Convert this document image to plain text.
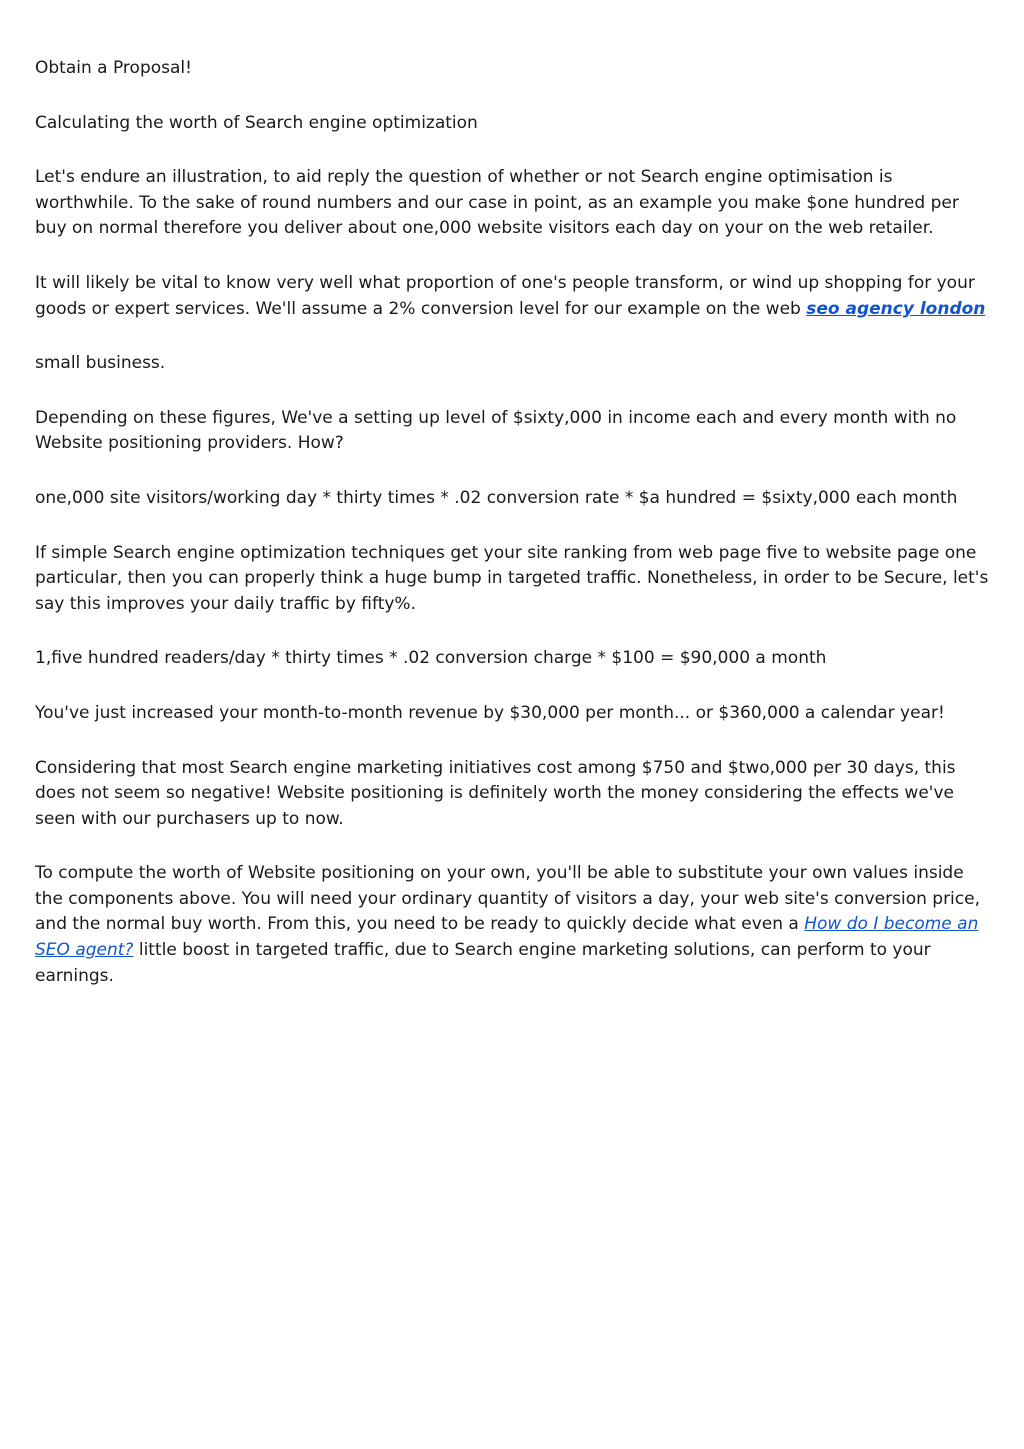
Obtain a Proposal!

Calculating the worth of Search engine optimization

Let's endure an illustration, to aid reply the question of whether or not Search engine optimisation is worthwhile. To the sake of round numbers and our case in point, as an example you make $one hundred per buy on normal therefore you deliver about one,000 website visitors each day on your on the web retailer.

It will likely be vital to know very well what proportion of one's people transform, or wind up shopping for your goods or expert services. We'll assume a 2% conversion level for our example on the web seo agency london

small business.

Depending on these figures, We've a setting up level of $sixty,000 in income each and every month with no Website positioning providers. How?

one,000 site visitors/working day * thirty times * .02 conversion rate * $a hundred = $sixty,000 each month

If simple Search engine optimization techniques get your site ranking from web page five to website page one particular, then you can properly think a huge bump in targeted traffic. Nonetheless, in order to be Secure, let's say this improves your daily traffic by fifty%.

1,five hundred readers/day * thirty times * .02 conversion charge * $100 = $90,000 a month

You've just increased your month-to-month revenue by $30,000 per month... or $360,000 a calendar year!

Considering that most Search engine marketing initiatives cost among $750 and $two,000 per 30 days, this does not seem so negative! Website positioning is definitely worth the money considering the effects we've seen with our purchasers up to now.

To compute the worth of Website positioning on your own, you'll be able to substitute your own values inside the components above. You will need your ordinary quantity of visitors a day, your web site's conversion price, and the normal buy worth. From this, you need to be ready to quickly decide what even a How do I become an SEO agent? little boost in targeted traffic, due to Search engine marketing solutions, can perform to your earnings.
